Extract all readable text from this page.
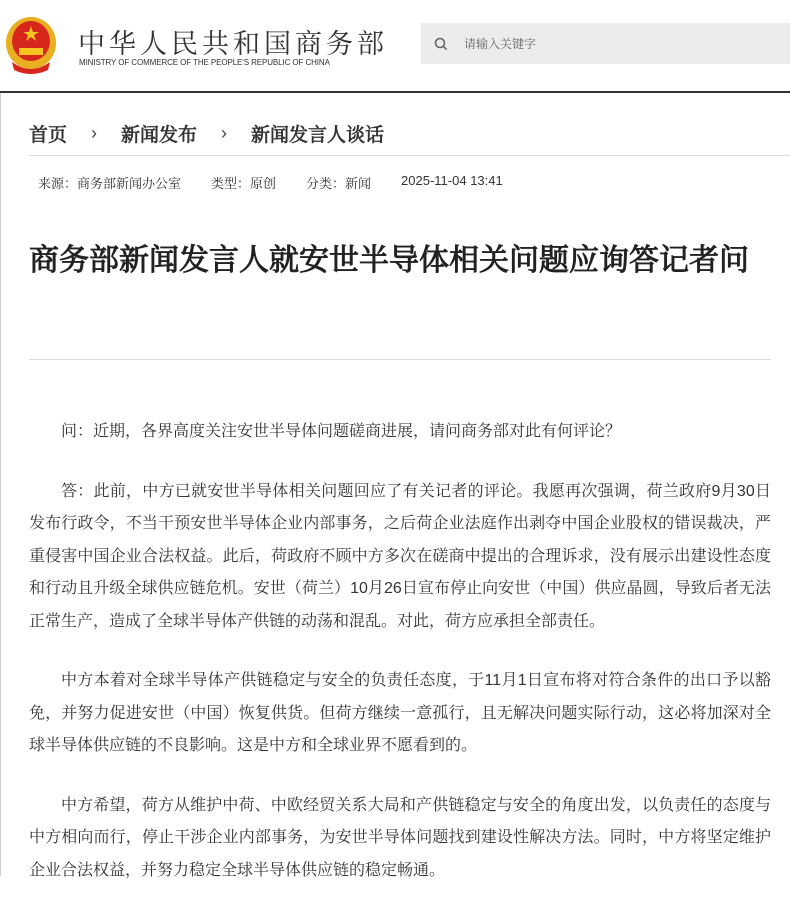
中华人民共和国商务部
MINISTRY OF COMMERCE OF THE PEOPLE'S REPUBLIC OF CHINA
请输入关键字
首页 › 新闻发布 › 新闻发言人谈话
来源：商务部新闻办公室 类型：原创 分类：新闻 2025-11-04 13:41
商务部新闻发言人就安世半导体相关问题应询答记者问

问：近期，各界高度关注安世半导体问题磋商进展，请问商务部对此有何评论？

答：此前，中方已就安世半导体相关问题回应了有关记者的评论。我愿再次强调，荷兰政府9月30日发布行政令，不当干预安世半导体企业内部事务，之后荷企业法庭作出剥夺中国企业股权的错误裁决，严重侵害中国企业合法权益。此后，荷政府不顾中方多次在磋商中提出的合理诉求，没有展示出建设性态度和行动且升级全球供应链危机。安世（荷兰）10月26日宣布停止向安世（中国）供应晶圆，导致后者无法正常生产，造成了全球半导体产供链的动荡和混乱。对此，荷方应承担全部责任。

中方本着对全球半导体产供链稳定与安全的负责任态度，于11月1日宣布将对符合条件的出口予以豁免，并努力促进安世（中国）恢复供货。但荷方继续一意孤行，且无解决问题实际行动，这必将加深对全球半导体供应链的不良影响。这是中方和全球业界不愿看到的。

中方希望，荷方从维护中荷、中欧经贸关系大局和产供链稳定与安全的角度出发，以负责任的态度与中方相向而行，停止干涉企业内部事务，为安世半导体问题找到建设性解决方法。同时，中方将坚定维护企业合法权益，并努力稳定全球半导体供应链的稳定畅通。
